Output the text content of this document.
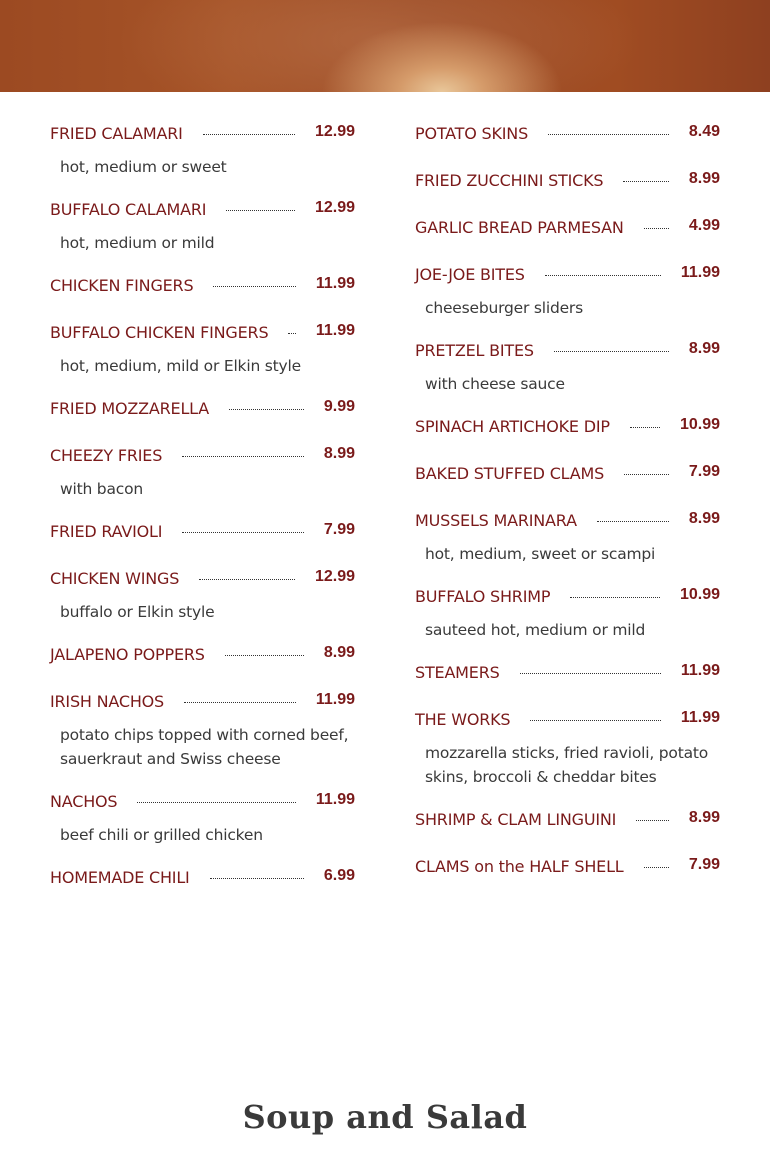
FRIED CALAMARI	12.99
hot, medium or sweet
BUFFALO CALAMARI	12.99
hot, medium or mild
CHICKEN FINGERS	11.99
BUFFALO CHICKEN FINGERS	11.99
hot, medium, mild or Elkin style
FRIED MOZZARELLA	9.99
CHEEZY FRIES	8.99
with bacon
FRIED RAVIOLI	7.99
CHICKEN WINGS	12.99
buffalo or Elkin style
JALAPENO POPPERS	8.99
IRISH NACHOS	11.99
potato chips topped with corned beef, sauerkraut and Swiss cheese
NACHOS	11.99
beef chili or grilled chicken
HOMEMADE CHILI	6.99
POTATO SKINS	8.49
FRIED ZUCCHINI STICKS	8.99
GARLIC BREAD PARMESAN	4.99
JOE-JOE BITES	11.99
cheeseburger sliders
PRETZEL BITES	8.99
with cheese sauce
SPINACH ARTICHOKE DIP	10.99
BAKED STUFFED CLAMS	7.99
MUSSELS MARINARA	8.99
hot, medium, sweet or scampi
BUFFALO SHRIMP	10.99
sauteed hot, medium or mild
STEAMERS	11.99
THE WORKS	11.99
mozzarella sticks, fried ravioli, potato skins, broccoli & cheddar bites
SHRIMP & CLAM LINGUINI	8.99
CLAMS on the HALF SHELL	7.99
Soup and Salad
